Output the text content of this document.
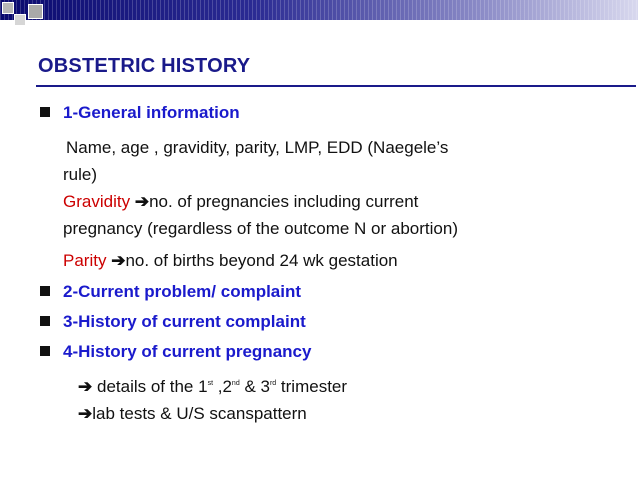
OBSTETRIC HISTORY
1-General information
Name, age , gravidity, parity, LMP, EDD (Naegele’s
rule)
Gravidity ➔no. of pregnancies including current
pregnancy (regardless of the outcome N or abortion)
Parity ➔no. of births beyond 24 wk gestation
2-Current problem/ complaint
3-History of current complaint
4-History of current pregnancy
➔ details of the 1st ,2nd & 3rd trimester
➔lab tests & U/S scanspattern
